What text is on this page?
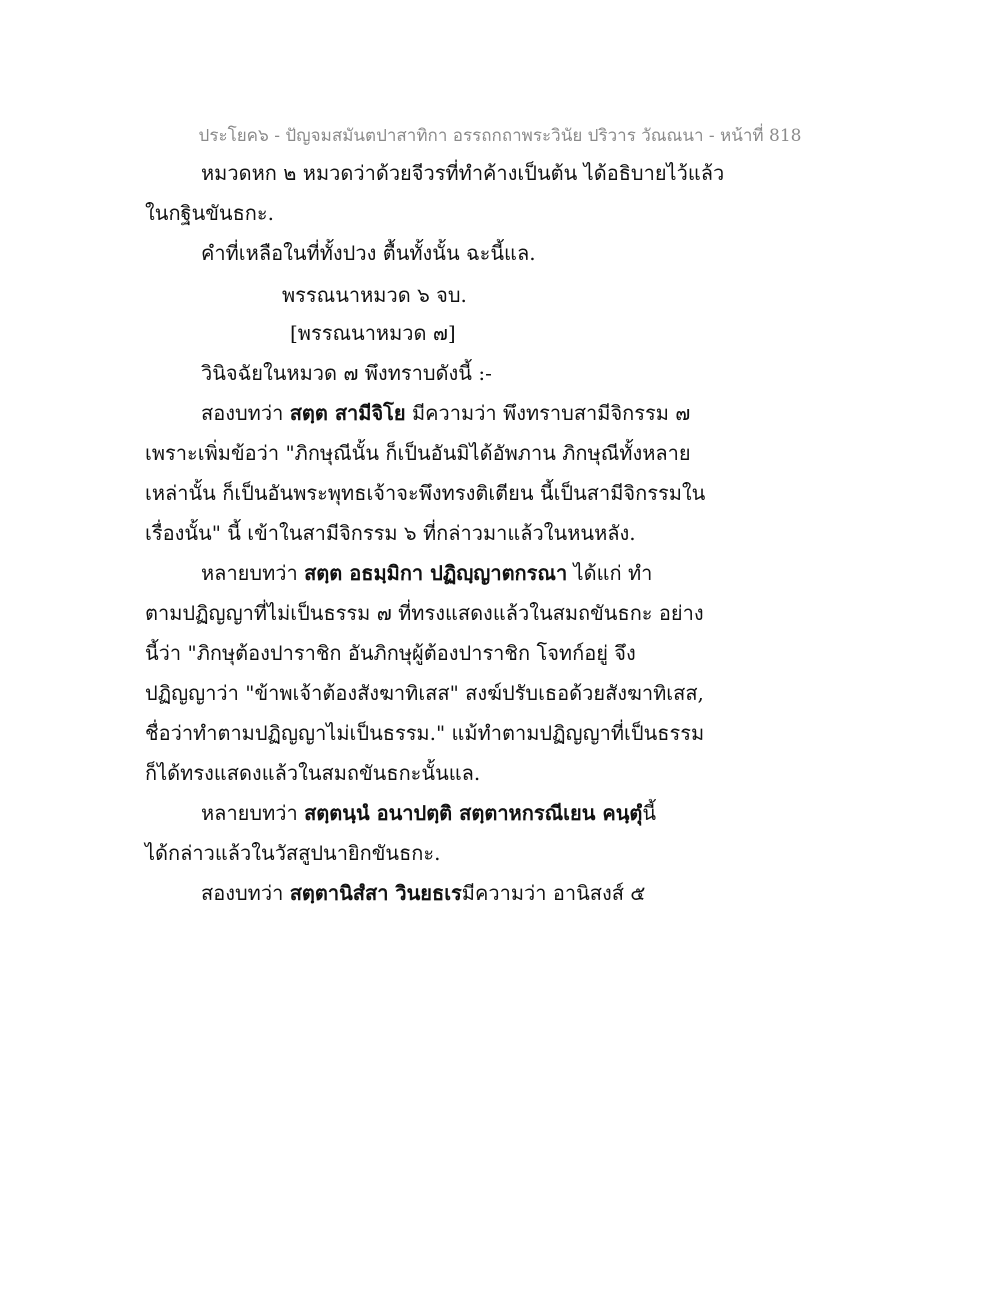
ประโยค๖ - ปัญจมสมันตปาสาทิกา อรรถกถาพระวินัย ปริวาร วัณณนา - หน้าที่ 818
หมวดหก ๒ หมวดว่าด้วยจีวรที่ทำค้างเป็นต้น ได้อธิบายไว้แล้ว
ในกฐินขันธกะ.
คำที่เหลือในที่ทั้งปวง ตื้นทั้งนั้น ฉะนี้แล.
พรรณนาหมวด ๖ จบ.
[พรรณนาหมวด ๗]
วินิจฉัยในหมวด ๗ พึงทราบดังนี้ :-
สองบทว่า สตฺต สามีจิโย มีความว่า พึงทราบสามีจิกรรม ๗
เพราะเพิ่มข้อว่า "ภิกษุณีนั้น ก็เป็นอันมิได้อัพภาน ภิกษุณีทั้งหลาย
เหล่านั้น ก็เป็นอันพระพุทธเจ้าจะพึงทรงติเตียน นี้เป็นสามีจิกรรมใน
เรื่องนั้น" นี้ เข้าในสามีจิกรรม ๖ ที่กล่าวมาแล้วในหนหลัง.
หลายบทว่า สตฺต อธมฺมิกา ปฏิญฺญาตกรณา ได้แก่ ทำ
ตามปฏิญญาที่ไม่เป็นธรรม ๗ ที่ทรงแสดงแล้วในสมถขันธกะ อย่าง
นี้ว่า "ภิกษุต้องปาราชิก อันภิกษุผู้ต้องปาราชิก โจทก์อยู่ จึง
ปฏิญญาว่า "ข้าพเจ้าต้องสังฆาทิเสส" สงฆ์ปรับเธอด้วยสังฆาทิเสส,
ชื่อว่าทำตามปฏิญญาไม่เป็นธรรม." แม้ทำตามปฏิญญาที่เป็นธรรม
ก็ได้ทรงแสดงแล้วในสมถขันธกะนั้นแล.
หลายบทว่า สตฺตนฺนํ อนาปตฺติ สตฺตาหกรณีเยน คนฺตุํนี้
ได้กล่าวแล้วในวัสสูปนายิกขันธกะ.
สองบทว่า สตฺตานิสํสา วินยธเรมีความว่า อานิสงส์ ๕
